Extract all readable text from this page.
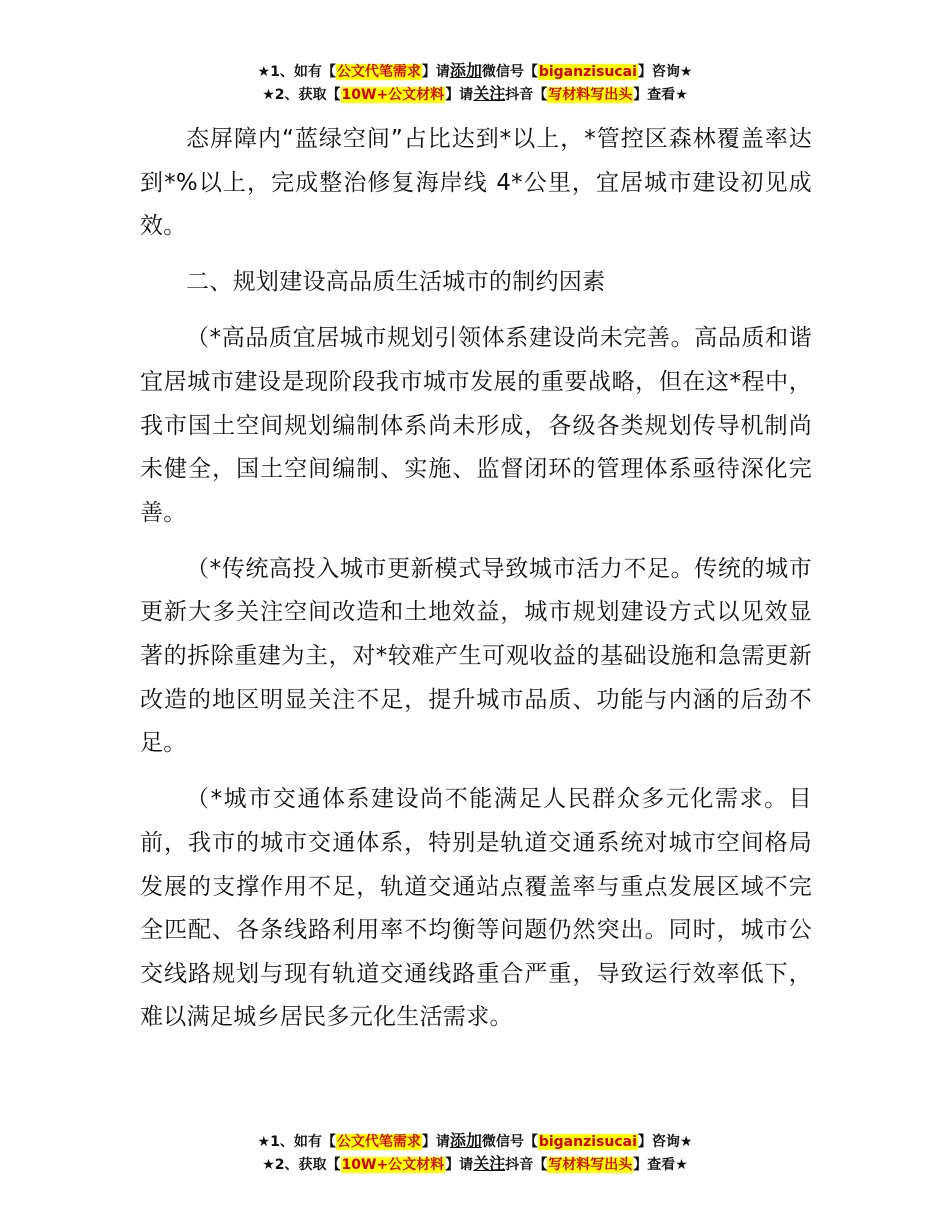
★1、如有【公文代笔需求】请添加微信号【biganzisucai】咨询★
★2、获取【10W+公文材料】请关注抖音【写材料写出头】查看★

态屏障内“蓝绿空间”占比达到*以上，*管控区森林覆盖率达到*%以上，完成整治修复海岸线 4*公里，宜居城市建设初见成效。

二、规划建设高品质生活城市的制约因素

（*高品质宜居城市规划引领体系建设尚未完善。高品质和谐宜居城市建设是现阶段我市城市发展的重要战略，但在这*程中，我市国土空间规划编制体系尚未形成，各级各类规划传导机制尚未健全，国土空间编制、实施、监督闭环的管理体系亟待深化完善。

（*传统高投入城市更新模式导致城市活力不足。传统的城市更新大多关注空间改造和土地效益，城市规划建设方式以见效显著的拆除重建为主，对*较难产生可观收益的基础设施和急需更新改造的地区明显关注不足，提升城市品质、功能与内涵的后劲不足。

（*城市交通体系建设尚不能满足人民群众多元化需求。目前，我市的城市交通体系，特别是轨道交通系统对城市空间格局发展的支撑作用不足，轨道交通站点覆盖率与重点发展区域不完全匹配、各条线路利用率不均衡等问题仍然突出。同时，城市公交线路规划与现有轨道交通线路重合严重，导致运行效率低下，难以满足城乡居民多元化生活需求。

★1、如有【公文代笔需求】请添加微信号【biganzisucai】咨询★
★2、获取【10W+公文材料】请关注抖音【写材料写出头】查看★
